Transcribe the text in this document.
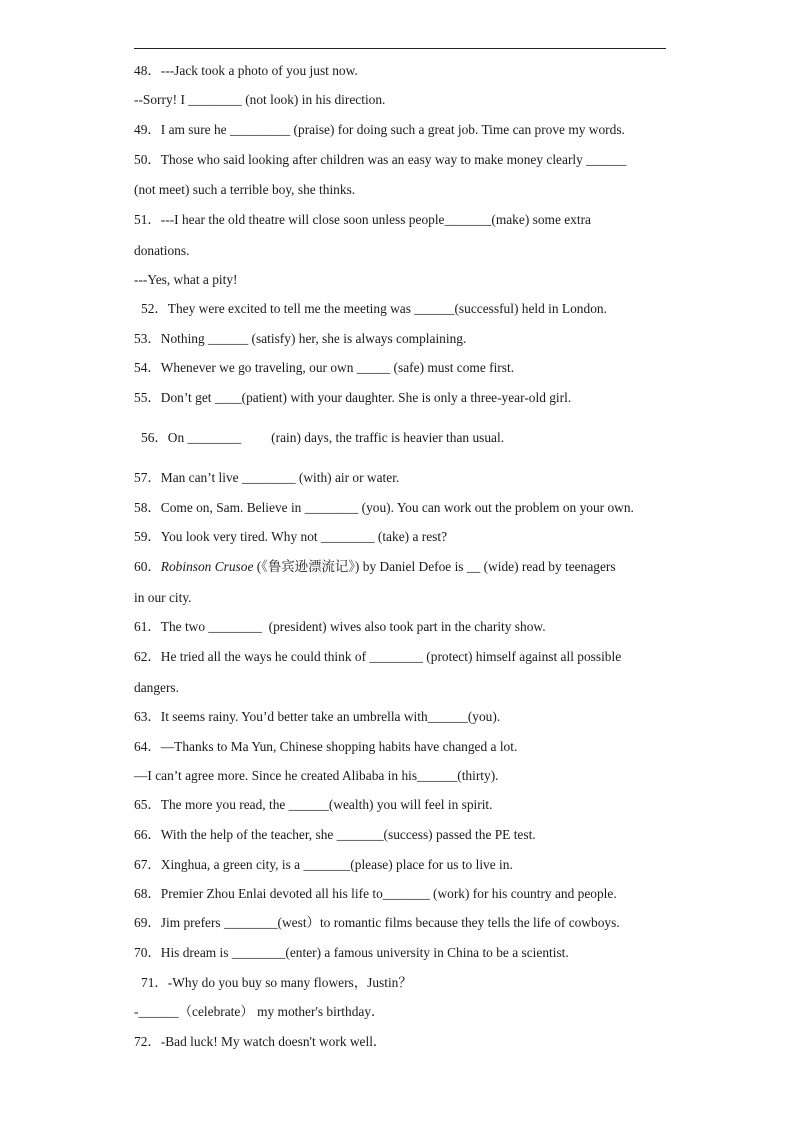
48．---Jack took a photo of you just now.
--Sorry! I ________ (not look) in his direction.
49．I am sure he _________ (praise) for doing such a great job. Time can prove my words.
50．Those who said looking after children was an easy way to make money clearly ______
(not meet) such a terrible boy, she thinks.
51．---I hear the old theatre will close soon unless people_______(make) some extra
donations.
---Yes, what a pity!
52．They were excited to tell me the meeting was ______(successful) held in London.
53．Nothing ______ (satisfy) her, she is always complaining.
54．Whenever we go traveling, our own _____ (safe) must come first.
55．Don’t get ____(patient) with your daughter. She is only a three-year-old girl.
56．On ________         (rain) days, the traffic is heavier than usual.
57．Man can’t live ________ (with) air or water.
58．Come on, Sam. Believe in ________ (you). You can work out the problem on your own.
59．You look very tired. Why not ________ (take) a rest?
60．Robinson Crusoe (《鲁宾逊漂流记》) by Daniel Defoe is __ (wide) read by teenagers
in our city.
61．The two ________  (president) wives also took part in the charity show.
62．He tried all the ways he could think of ________ (protect) himself against all possible
dangers.
63．It seems rainy. You’d better take an umbrella with______(you).
64．—Thanks to Ma Yun, Chinese shopping habits have changed a lot.
—I can’t agree more. Since he created Alibaba in his______(thirty).
65．The more you read, the ______(wealth) you will feel in spirit.
66．With the help of the teacher, she _______(success) passed the PE test.
67．Xinghua, a green city, is a _______(please) place for us to live in.
68．Premier Zhou Enlai devoted all his life to_______ (work) for his country and people.
69．Jim prefers ________(west）to romantic films because they tells the life of cowboys.
70．His dream is ________(enter) a famous university in China to be a scientist.
71．-Why do you buy so many flowers，Justin？
-______（celebrate） my mother's birthday．
72．-Bad luck! My watch doesn't work well．
